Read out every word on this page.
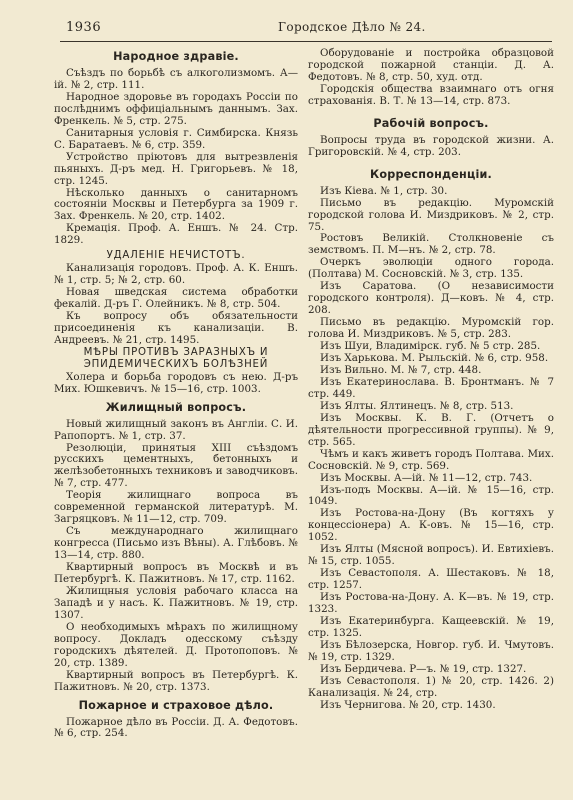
1936	Городское Дѣло № 24.
Народное здравіе.

Съѣздъ по борьбѣ съ алкоголизмомъ. А—iй. № 2, стр. 111.

Народное здоровье въ городахъ Россіи по послѣднимъ оффиціальнымъ даннымъ. Зах. Френкель. № 5, стр. 275.

Санитарныя условія г. Симбирска. Князь С. Баратаевъ. № 6, стр. 359.

Устройство пріютовъ для вытрезвленія пьяныхъ. Д-ръ мед. Н. Григорьевъ. № 18, стр. 1245.

Нѣсколько данныхъ о санитарномъ состояніи Москвы и Петербурга за 1909 г. Зах. Френкель. № 20, стр. 1402.

Кремація. Проф. А. Еншъ. № 24. Стр. 1829.

УДАЛЕНІЕ НЕЧИСТОТЪ.

Канализація городовъ. Проф. А. К. Еншъ. № 1, стр. 5; № 2, стр. 60.

Новая шведская система обработки фекалій. Д-ръ Г. Олейникъ. № 8, стр. 504.

Къ вопросу объ обязательности присоединенія къ канализаціи. В. Андреевъ. № 21, стр. 1495.

МѢРЫ ПРОТИВЪ ЗАРАЗНЫХЪ И
ЭПИДЕМИЧЕСКИХЪ БОЛѢЗНЕЙ

Холера и борьба городовъ съ нею. Д-ръ Мих. Юшкевичъ. № 15—16, стр. 1003.

Жилищный вопросъ.

Новый жилищный законъ въ Англіи. С. И. Рапопортъ. № 1, стр. 37.

Резолюціи, принятыя XIII съѣздомъ русскихъ цементныхъ, бетонныхъ и желѣзобетонныхъ техниковъ и заводчиковъ. № 7, стр. 477.

Теорія жилищнаго вопроса въ современной германской литературѣ. М. Загряцковъ. № 11—12, стр. 709.

Съ международнаго жилищнаго конгресса (Письмо изъ Вѣны). А. Глѣбовъ. № 13—14, стр. 880.

Квартирный вопросъ въ Москвѣ и въ Петербургѣ. К. Пажитновъ. № 17, стр. 1162.

Жилищныя условія рабочаго класса на Западѣ и у насъ. К. Пажитновъ. № 19, стр. 1307.

О необходимыхъ мѣрахъ по жилищному вопросу. Докладъ одесскому съѣзду городскихъ дѣятелей. Д. Протопоповъ. № 20, стр. 1389.

Квартирный вопросъ въ Петербургѣ. К. Пажитновъ. № 20, стр. 1373.

Пожарное и страховое дѣло.

Пожарное дѣло въ Россіи. Д. А. Федотовъ. № 6, стр. 254.

Оборудованіе и постройка образцовой городской пожарной станціи. Д. А. Федотовъ. № 8, стр. 50, худ. отд.

Городскія общества взаимнаго отъ огня страхованія. В. Т. № 13—14, стр. 873.

Рабочій вопросъ.

Вопросы труда въ городской жизни. А. Григоровскій. № 4, стр. 203.

Корреспонденціи.

Изъ Кіева. № 1, стр. 30.

Письмо въ редакцію. Муромскій городской голова И. Миздриковъ. № 2, стр. 75.

Ростовъ Великій. Столкновеніе съ земствомъ. П. М—нъ. № 2, стр. 78.

Очеркъ эволюціи одного города. (Полтава) М. Сосновскій. № 3, стр. 135.

Изъ Саратова. (О независимости городского контроля). Д—ковъ. № 4, стр. 208.

Письмо въ редакцію. Муромскій гор. голова И. Миздриковъ. № 5, стр. 283.

Изъ Шуи, Владимірск. губ. № 5 стр. 285.

Изъ Харькова. М. Рыльскій. № 6, стр. 958.

Изъ Вильно. М. № 7, стр. 448.

Изъ Екатеринослава. В. Бронтманъ. № 7 стр. 449.

Изъ Ялты. Ялтинецъ. № 8, стр. 513.

Изъ Москвы. К. В. Г. (Отчетъ о дѣятельности прогрессивной группы). № 9, стр. 565.

Чѣмъ и какъ живетъ городъ Полтава. Мих. Сосновскій. № 9, стр. 569.

Изъ Москвы. А—iй. № 11—12, стр. 743.

Изъ-подъ Москвы. А—iй. № 15—16, стр. 1049.

Изъ Ростова-на-Дону (Въ когтяхъ у концессіонера) А. К-овъ. № 15—16, стр. 1052.

Изъ Ялты (Мясной вопросъ). И. Евтихіевъ. № 15, стр. 1055.

Изъ Севастополя. А. Шестаковъ. № 18, стр. 1257.

Изъ Ростова-на-Дону. А. К—въ. № 19, стр. 1323.

Изъ Екатеринбурга. Кащеевскій. № 19, стр. 1325.

Изъ Бѣлозерска, Новгор. губ. И. Чмутовъ. № 19, стр. 1329.

Изъ Бердичева. Р—ъ. № 19, стр. 1327.

Изъ Севастополя. 1) № 20, стр. 1426. 2) Канализація. № 24, стр.

Изъ Чернигова. № 20, стр. 1430.
